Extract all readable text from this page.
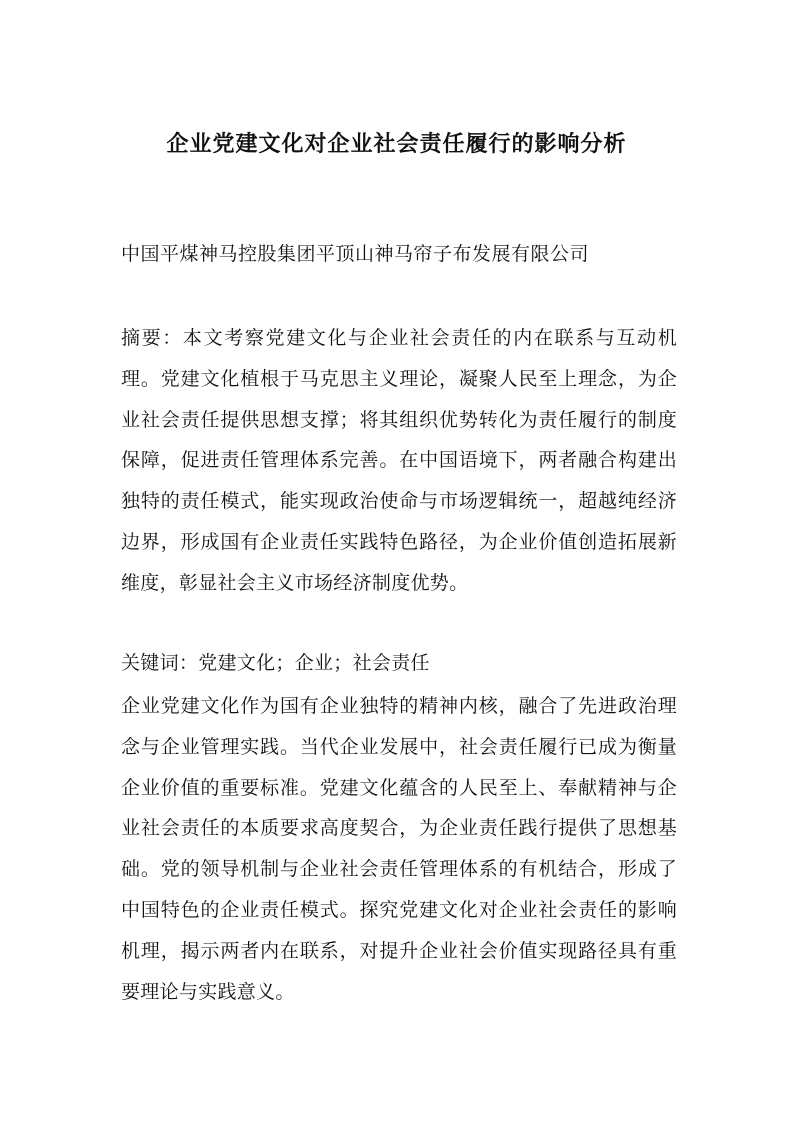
企业党建文化对企业社会责任履行的影响分析

中国平煤神马控股集团平顶山神马帘子布发展有限公司

摘要：本文考察党建文化与企业社会责任的内在联系与互动机理。党建文化植根于马克思主义理论，凝聚人民至上理念，为企业社会责任提供思想支撑；将其组织优势转化为责任履行的制度保障，促进责任管理体系完善。在中国语境下，两者融合构建出独特的责任模式，能实现政治使命与市场逻辑统一，超越纯经济边界，形成国有企业责任实践特色路径，为企业价值创造拓展新维度，彰显社会主义市场经济制度优势。

关键词：党建文化；企业；社会责任

企业党建文化作为国有企业独特的精神内核，融合了先进政治理念与企业管理实践。当代企业发展中，社会责任履行已成为衡量企业价值的重要标准。党建文化蕴含的人民至上、奉献精神与企业社会责任的本质要求高度契合，为企业责任践行提供了思想基础。党的领导机制与企业社会责任管理体系的有机结合，形成了中国特色的企业责任模式。探究党建文化对企业社会责任的影响机理，揭示两者内在联系，对提升企业社会价值实现路径具有重要理论与实践意义。
